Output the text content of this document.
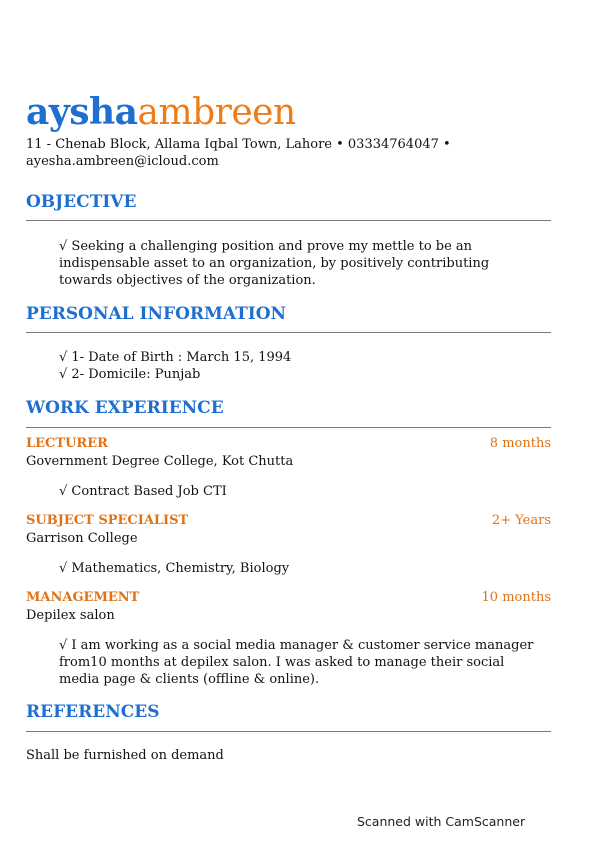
ayshaambreen
11 - Chenab Block, Allama Iqbal Town, Lahore • 03334764047 •
ayesha.ambreen@icloud.com
OBJECTIVE
√ Seeking a challenging position and prove my mettle to be an indispensable asset to an organization, by positively contributing towards objectives of the organization.
PERSONAL INFORMATION
√ 1- Date of Birth : March 15, 1994
√ 2- Domicile: Punjab
WORK EXPERIENCE
LECTURER	8 months
Government Degree College, Kot Chutta
√ Contract Based Job CTI
SUBJECT SPECIALIST	2+ Years
Garrison College
√ Mathematics, Chemistry, Biology
MANAGEMENT	10 months
Depilex salon
√ I am working as a social media manager & customer service manager from10 months at depilex salon. I was asked to manage their social media page & clients (offline & online).
REFERENCES
Shall be furnished on demand
Scanned with CamScanner
